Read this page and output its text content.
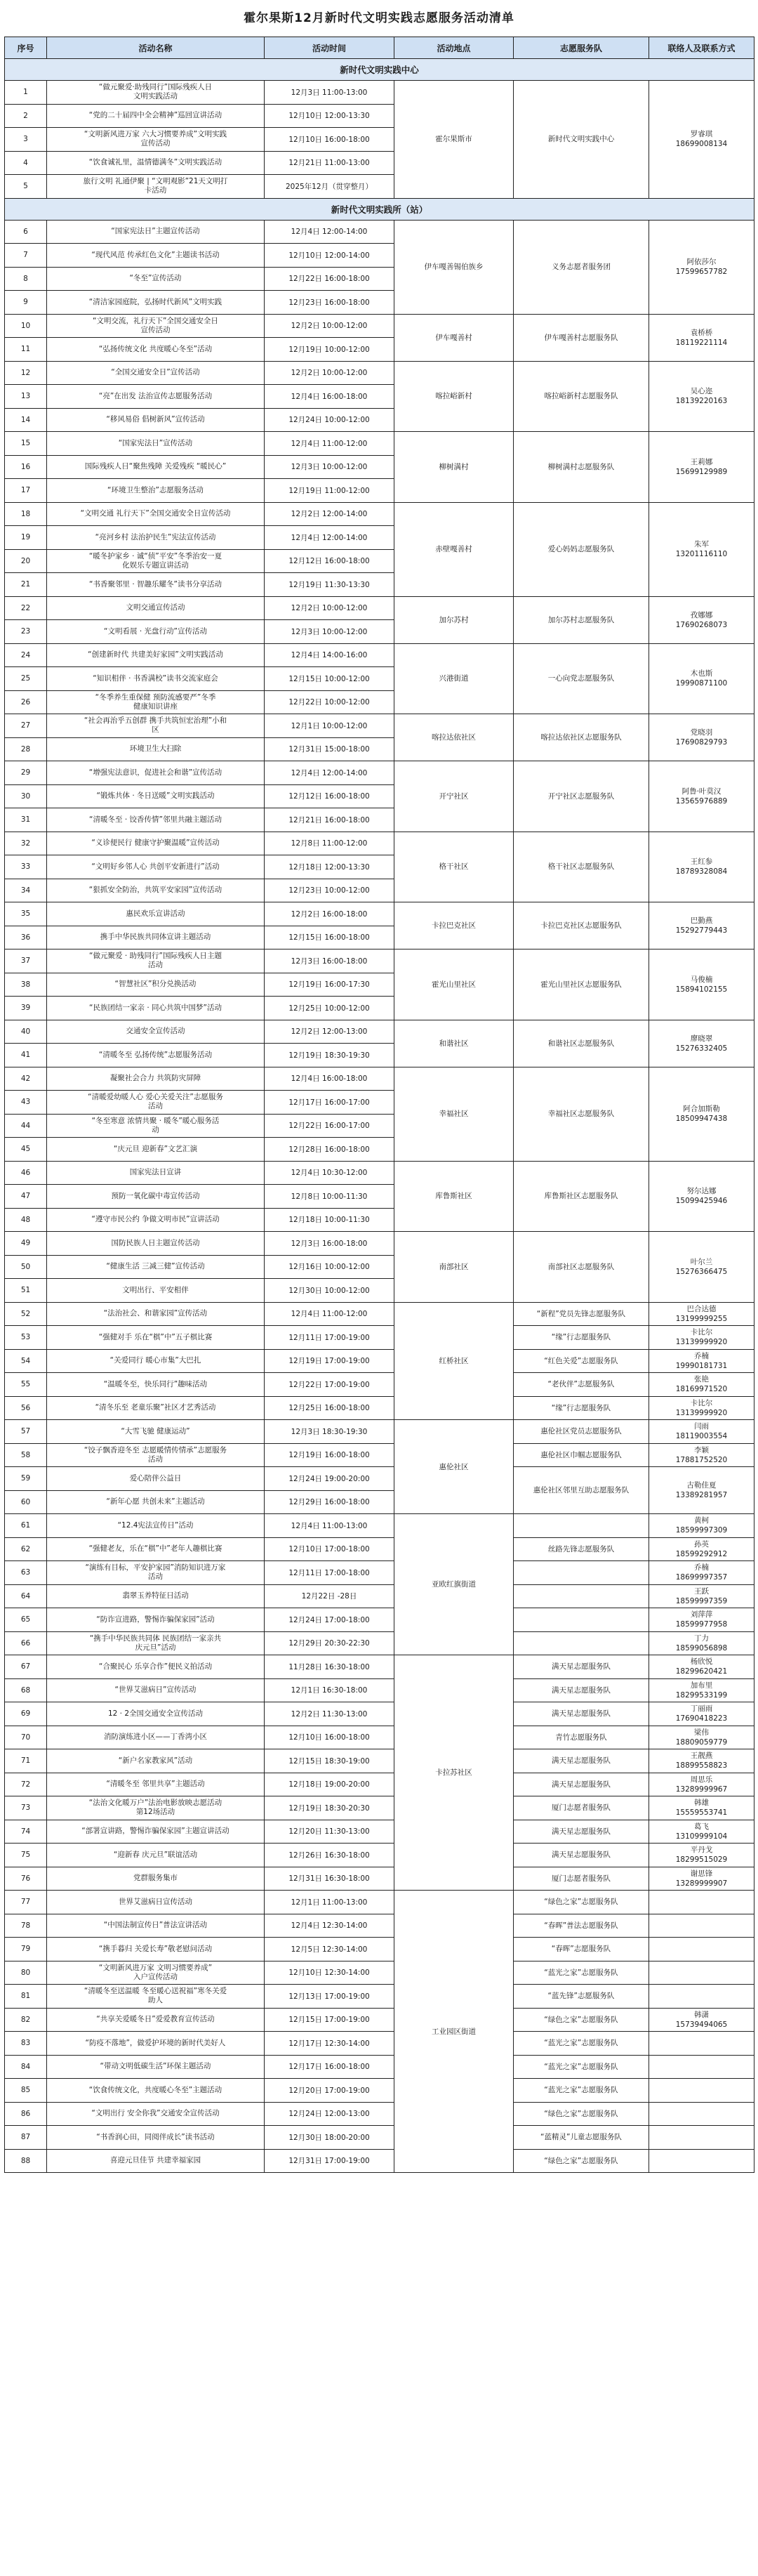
霍尔果斯12月新时代文明实践志愿服务活动清单
序号	活动名称	活动时间	活动地点	志愿服务队	联络人及联系方式
新时代文明实践中心					
1	“做元聚爱·助残同行”国际残疾人日
文明实践活动	12月3日 11:00-13:00	霍尔果斯市	新时代文明实践中心	罗睿琪
18699008134
2	“党的二十届四中全会精神”巡回宣讲活动	12月10日 12:00-13:30			
3	“文明新风进万家 六大习惯要养成”文明实践
宣传活动	12月10日 16:00-18:00			
4	“饮食诚礼里，温情德满冬”文明实践活动	12月21日 11:00-13:00			
5	旅行文明 礼通伊聚 | “文明观影”21天文明打
卡活动	2025年12月（贯穿整月）			
新时代文明实践所（站）					
6	“国家宪法日”主题宣传活动	12月4日 12:00-14:00	伊车嘎善锡伯族乡	义务志愿者服务团	阿依莎尔
17599657782
7	“现代风范 传承红色文化”主题读书活动	12月10日 12:00-14:00			
8	“冬至”宣传活动	12月22日 16:00-18:00			
9	“清洁家园庭院，弘扬时代新风”文明实践	12月23日 16:00-18:00			
10	“文明交流，礼行天下”全国交通安全日
宣传活动	12月2日 10:00-12:00	伊车嘎善村	伊车嘎善村志愿服务队	袁桥桥
18119221114
11	“弘扬传统文化 共度暖心冬至”活动	12月19日 10:00-12:00			
12	“全国交通安全日”宣传活动	12月2日 10:00-12:00	喀拉峪新村	喀拉峪新村志愿服务队	吴心迩
18139220163
13	“亮”在出发 法治宣传志愿服务活动	12月4日 16:00-18:00			
14	“移风易俗 倡树新风”宣传活动	12月24日 10:00-12:00			
15	“国家宪法日”宣传活动	12月4日 11:00-12:00	柳树满村	柳树满村志愿服务队	王莉娜
15699129989
16	国际残疾人日“聚焦残障 关爱残疾 “暖民心”	12月3日 10:00-12:00			
17	“环境卫生整治”志愿服务活动	12月19日 11:00-12:00			
18	“文明交通 礼行天下”全国交通安全日宣传活动	12月2日 12:00-14:00	赤壁嘎善村	爱心妈妈志愿服务队	朱军
13201116110
19	“亮河乡村 法治护民生”宪法宣传活动	12月4日 12:00-14:00			
20	“暖冬护家乡 · 诚“侦”平安”冬季治安一夏
化娱乐专题宣讲活动	12月12日 16:00-18:00			
21	“书香聚邻里 · 智趣乐耀冬”读书分享活动	12月19日 11:30-13:30			
22	文明交通宣传活动	12月2日 10:00-12:00	加尔苏村	加尔苏村志愿服务队	孜娜娜
17690268073
23	“文明看展 · 光盘行动”宣传活动	12月3日 10:00-12:00			
24	“创建新时代 共建美好家园”文明实践活动	12月4日 14:00-16:00	兴港街道	一心向党志愿服务队	木也斯
19990871100
25	“知识相伴 · 书香满校”读书交流家庭会	12月15日 10:00-12:00			
26	“冬季养生重保健 预防流感要严”冬季
健康知识讲座	12月22日 10:00-12:00			
27	“社会再治乎五创群 携手共筑恒宏治理”小和
区	12月1日 10:00-12:00	喀拉达依社区	喀拉达依社区志愿服务队	党晓羽
17690829793
28	环境卫生大扫除	12月31日 15:00-18:00			
29	“增强宪法意识，促进社会和谐”宣传活动	12月4日 12:00-14:00	开宁社区	开宁社区志愿服务队	阿鲁·叶莫汉
13565976889
30	“锻炼共体 · 冬日送暖”文明实践活动	12月12日 16:00-18:00			
31	“清暖冬至 · 饺香传情”邻里共融主题活动	12月21日 16:00-18:00			
32	“义诊便民行 健康守护聚温暖”宣传活动	12月8日 11:00-12:00	格干社区	格干社区志愿服务队	王红参
18789328084
33	“文明好乡邻人心 共创平安新进行”活动	12月18日 12:00-13:30			
34	“狠抓安全防治，共筑平安家园”宣传活动	12月23日 10:00-12:00			
35	惠民欢乐宣讲活动	12月2日 16:00-18:00	卡拉巴克社区	卡拉巴克社区志愿服务队	巴勤燕
15292779443
36	携手中华民族共同体宣讲主题活动	12月15日 16:00-18:00			
37	“做元聚爱 · 助残同行”国际残疾人日主题
活动	12月3日 16:00-18:00	霍光山里社区	霍光山里社区志愿服务队	马俊楠
15894102155
38	“智慧社区”积分兑换活动	12月19日 16:00-17:30			
39	“民族团结一家亲 · 同心共筑中国梦”活动	12月25日 10:00-12:00			
40	交通安全宣传活动	12月2日 12:00-13:00	和谐社区	和谐社区志愿服务队	廖晓翠
15276332405
41	“清暖冬至 弘扬传统”志愿服务活动	12月19日 18:30-19:30			
42	凝聚社会合力 共筑防灾屏障	12月4日 16:00-18:00	幸福社区	幸福社区志愿服务队	阿合加斯勒
18509947438
43	“清暖爱幼暖人心 爱心关爱关注”志愿服务
活动	12月17日 16:00-17:00			
44	“冬至寒意 浓情共聚 · 暖冬”暖心服务活
动	12月22日 16:00-17:00			
45	“庆元旦 迎新春”文艺汇演	12月28日 16:00-18:00			
46	国家宪法日宣讲	12月4日 10:30-12:00	库鲁斯社区	库鲁斯社区志愿服务队	努尔达娜
15099425946
47	预防一氧化碳中毒宣传活动	12月8日 10:00-11:30			
48	“遵守市民公约 争做文明市民”宣讲活动	12月18日 10:00-11:30			
49	国防民族人日主题宣传活动	12月3日 16:00-18:00	南部社区	南部社区志愿服务队	叶尔兰
15276366475
50	“健康生活 三减三健”宣传活动	12月16日 10:00-12:00			
51	文明出行、平安相伴	12月30日 10:00-12:00			
52	“法治社会、和谐家园”宣传活动	12月4日 11:00-12:00	红桥社区	“新程”党员先锋志愿服务队	巴合达德
13199999255
53	“强健对手 乐在“棋”中”五子棋比赛	12月11日 17:00-19:00		“缘”行志愿服务队	卡比尔
13139999920
54	“关爱同行 暖心市集”大巴扎	12月19日 17:00-19:00		“红色关爱”志愿服务队	乔楠
19990181731
55	“温暖冬至，快乐同行”趣味活动	12月22日 17:00-19:00		“老伙伴”志愿服务队	张艳
18169971520
56	“清冬乐至 老童乐聚”社区才艺秀活动	12月25日 16:00-18:00		“缘”行志愿服务队	卡比尔
13139999920
57	“大雪飞驰 健康运动”	12月3日 18:30-19:30	惠伦社区	惠伦社区党员志愿服务队	闫雨
18119003554
58	“饺子飘香迎冬至 志愿暖情传情承”志愿服务
活动	12月19日 16:00-18:00		惠伦社区巾帼志愿服务队	李颖
17881752520
59	爱心陪伴公益日	12月24日 19:00-20:00		惠伦社区邻里互助志愿服务队	古勒佳夏
13389281957
60	“新年心愿 共创未来”主题活动	12月29日 16:00-18:00			
61	“12.4宪法宣传日”活动	12月4日 11:00-13:00	亚欧红旗街道		黄柯
18599997309
62	“强健老友，乐在“棋”中”老年人趣棋比赛	12月10日 17:00-18:00		丝路先锋志愿服务队	孙英
18599292912
63	“演练有目标，平安护家园”消防知识进万家
活动	12月11日 17:00-18:00			乔楠
18699997357
64	翡翠玉养特征日活动	12月22日 -28日			王跃
18599997359
65	“防诈宣进路，警惕诈骗保家园”活动	12月24日 17:00-18:00			刘萍萍
18599977958
66	“携手中华民族共同体 民族团结一家亲共
庆元旦”活动	12月29日 20:30-22:30			丁力
18599056898
67	“合聚民心 乐享合作”便民义拍活动	11月28日 16:30-18:00	卡拉苏社区	满天星志愿服务队	杨欣悦
18299620421
68	“世界艾滋病日”宣传活动	12月1日 16:30-18:00		满天星志愿服务队	加布里
18299533199
69	12 · 2全国交通安全宣传活动	12月2日 11:30-13:00		满天星志愿服务队	丁丽雨
17690418223
70	消防演练进小区——丁香湾小区	12月10日 16:00-18:00		青竹志愿服务队	梁伟
18809059779
71	“新户名家教家风”活动	12月15日 18:30-19:00		满天星志愿服务队	王靓燕
18899558823
72	“清暖冬至 邻里共享”主题活动	12月18日 19:00-20:00		满天星志愿服务队	周思乐
13289999967
73	“法治文化暖万户”法治电影放映志愿活动
第12场活动	12月19日 18:30-20:30		厦门志愿者服务队	韩雄
15559553741
74	“部署宣讲路，警惕诈骗保家园”主题宣讲活动	12月20日 11:30-13:00		满天星志愿服务队	葛飞
13109999104
75	“迎新春 庆元旦”联谊活动	12月26日 16:30-18:00		满天星志愿服务队	平丹戈
18299515029
76	党群服务集市	12月31日 16:30-18:00		厦门志愿者服务队	谢思锋
13289999907
77	世界艾滋病日宣传活动	12月1日 11:00-13:00	工业园区街道	“绿色之家”志愿服务队	
78	“中国法制宣传日”普法宣讲活动	12月4日 12:30-14:00		“春晖”普法志愿服务队	
79	“携手暮归 关爱长寿”敬老慰问活动	12月5日 12:30-14:00		“春晖”志愿服务队	
80	“文明新风进万家 文明习惯要养成”
入户宣传活动	12月10日 12:30-14:00		“蓝光之家”志愿服务队	
81	“清暖冬至送温暖 冬至暖心送祝福”寒冬关爱
助人	12月13日 17:00-19:00		“蓝先锋”志愿服务队	
82	“共享关爱暖冬日”爱爱教育宣传活动	12月15日 17:00-19:00		“绿色之家”志愿服务队	韩潇
15739494065
83	“防疫不落地”，做爱护环境的新时代美好人	12月17日 12:30-14:00		“蓝光之家”志愿服务队	
84	“带动文明低碳生活”环保主题活动	12月17日 16:00-18:00		“蓝光之家”志愿服务队	
85	“饮食传统文化，共度暖心冬至”主题活动	12月20日 17:00-19:00		“蓝光之家”志愿服务队	
86	“文明出行 安全你我”交通安全宣传活动	12月24日 12:00-13:00		“绿色之家”志愿服务队	
87	“书香润心田，同阅伴成长”读书活动	12月30日 18:00-20:00		“蓝精灵”儿童志愿服务队	
88	喜迎元旦佳节 共建幸福家园	12月31日 17:00-19:00		“绿色之家”志愿服务队	
